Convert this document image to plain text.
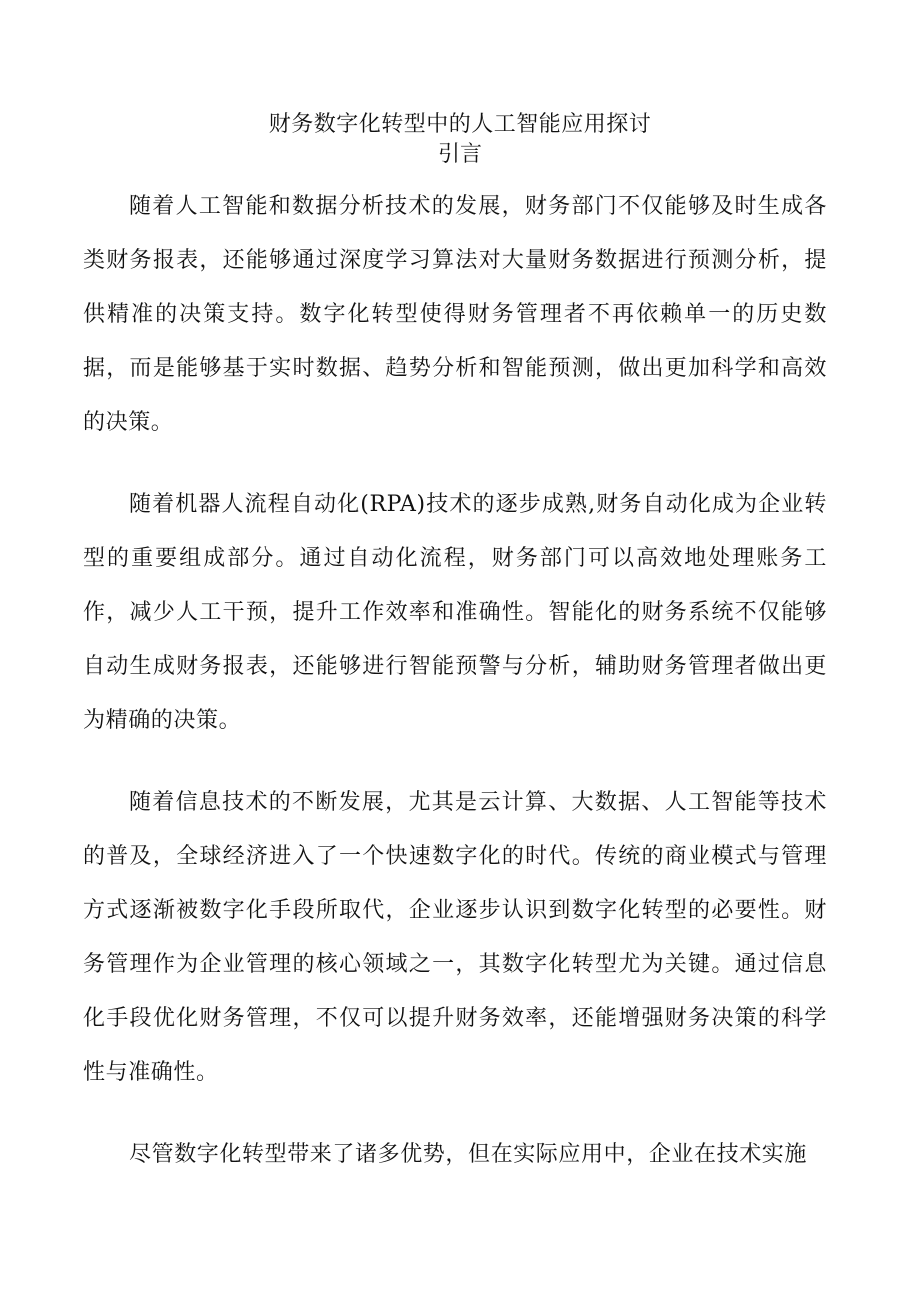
财务数字化转型中的人工智能应用探讨
引言

随着人工智能和数据分析技术的发展，财务部门不仅能够及时生成各类财务报表，还能够通过深度学习算法对大量财务数据进行预测分析，提供精准的决策支持。数字化转型使得财务管理者不再依赖单一的历史数据，而是能够基于实时数据、趋势分析和智能预测，做出更加科学和高效的决策。

随着机器人流程自动化(RPA)技术的逐步成熟,财务自动化成为企业转型的重要组成部分。通过自动化流程，财务部门可以高效地处理账务工作，减少人工干预，提升工作效率和准确性。智能化的财务系统不仅能够自动生成财务报表，还能够进行智能预警与分析，辅助财务管理者做出更为精确的决策。

随着信息技术的不断发展，尤其是云计算、大数据、人工智能等技术的普及，全球经济进入了一个快速数字化的时代。传统的商业模式与管理方式逐渐被数字化手段所取代，企业逐步认识到数字化转型的必要性。财务管理作为企业管理的核心领域之一，其数字化转型尤为关键。通过信息化手段优化财务管理，不仅可以提升财务效率，还能增强财务决策的科学性与准确性。

尽管数字化转型带来了诸多优势，但在实际应用中，企业在技术实施
